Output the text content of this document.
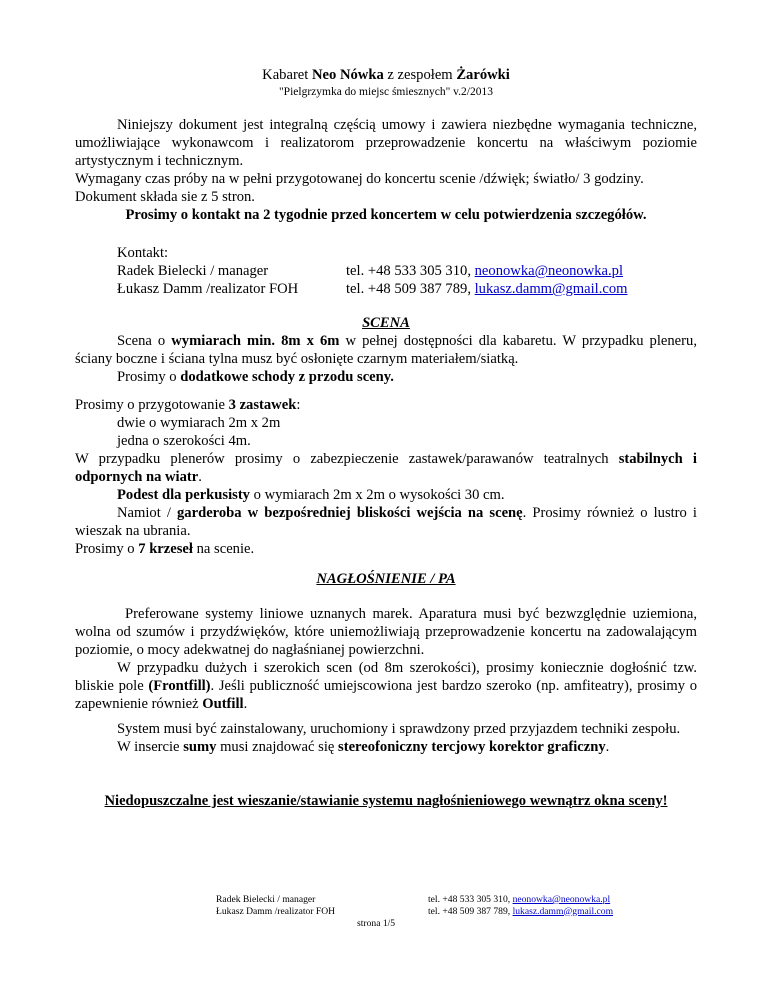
Kabaret Neo Nówka z zespołem Żarówki
"Pielgrzymka do miejsc śmiesznych" v.2/2013
Niniejszy dokument jest integralną częścią umowy i zawiera niezbędne wymagania techniczne, umożliwiające wykonawcom i realizatorom przeprowadzenie koncertu na właściwym poziomie artystycznym i technicznym.
Wymagany czas próby na w pełni przygotowanej do koncertu scenie /dźwięk; światło/ 3 godziny.
Dokument składa sie z 5 stron.
Prosimy o kontakt na 2 tygodnie przed koncertem w celu potwierdzenia szczegółów.
Kontakt:
Radek Bielecki / manager	tel. +48 533 305 310, neonowka@neonowka.pl
Łukasz Damm /realizator FOH	tel. +48 509 387 789, lukasz.damm@gmail.com
SCENA
Scena o wymiarach min. 8m x 6m w pełnej dostępności dla kabaretu. W przypadku pleneru, ściany boczne i ściana tylna musz być osłonięte czarnym materiałem/siatką.
Prosimy o dodatkowe schody z przodu sceny.
Prosimy o przygotowanie 3 zastawek:
dwie o wymiarach 2m x 2m
jedna o szerokości 4m.
W przypadku plenerów prosimy o zabezpieczenie zastawek/parawanów teatralnych stabilnych i odpornych na wiatr.
Podest dla perkusisty o wymiarach 2m x 2m o wysokości 30 cm.
Namiot / garderoba w bezpośredniej bliskości wejścia na scenę. Prosimy również o lustro i wieszak na ubrania.
Prosimy o 7 krzeseł na scenie.
NAGŁOŚNIENIE / PA
Preferowane systemy liniowe uznanych marek. Aparatura musi być bezwzględnie uziemiona, wolna od szumów i przydźwięków, które uniemożliwiają przeprowadzenie koncertu na zadowalającym poziomie, o mocy adekwatnej do nagłaśnianej powierzchni.
W przypadku dużych i szerokich scen (od 8m szerokości), prosimy koniecznie dogłośnić tzw. bliskie pole (Frontfill). Jeśli publiczność umiejscowiona jest bardzo szeroko (np. amfiteatry), prosimy o zapewnienie również Outfill.
System musi być zainstalowany, uruchomiony i sprawdzony przed przyjazdem techniki zespołu.
W insercie sumy musi znajdować się stereofoniczny tercjowy korektor graficzny.
Niedopuszczalne jest wieszanie/stawianie systemu nagłośnieniowego wewnątrz okna sceny!
Radek Bielecki / manager
Łukasz Damm /realizator FOH
tel. +48 533 305 310, neonowka@neonowka.pl
tel. +48 509 387 789, lukasz.damm@gmail.com
strona 1/5
